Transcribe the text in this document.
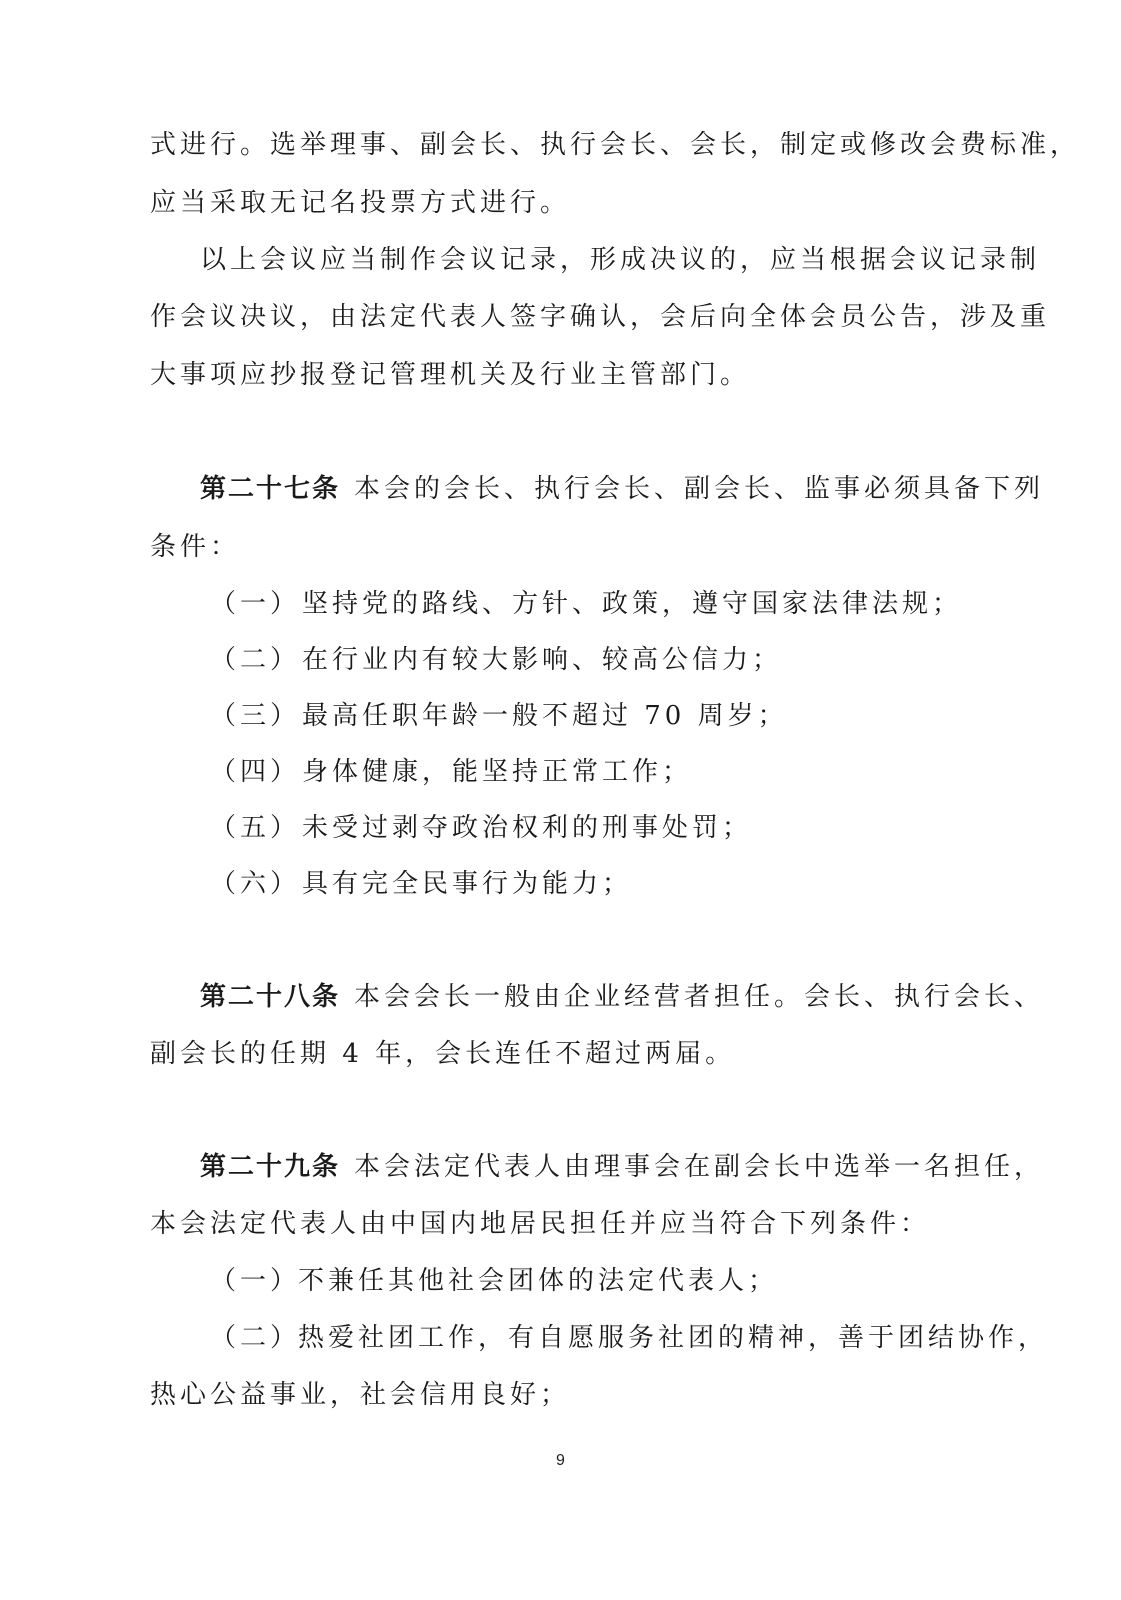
式进行。选举理事、副会长、执行会长、会长，制定或修改会费标准，
应当采取无记名投票方式进行。
以上会议应当制作会议记录，形成决议的，应当根据会议记录制
作会议决议，由法定代表人签字确认，会后向全体会员公告，涉及重
大事项应抄报登记管理机关及行业主管部门。
第二十七条 本会的会长、执行会长、副会长、监事必须具备下列
条件：
（一）坚持党的路线、方针、政策，遵守国家法律法规；
（二）在行业内有较大影响、较高公信力；
（三）最高任职年龄一般不超过 70 周岁；
（四）身体健康，能坚持正常工作；
（五）未受过剥夺政治权利的刑事处罚；
（六）具有完全民事行为能力；
第二十八条 本会会长一般由企业经营者担任。会长、执行会长、
副会长的任期 4 年，会长连任不超过两届。
第二十九条 本会法定代表人由理事会在副会长中选举一名担任，
本会法定代表人由中国内地居民担任并应当符合下列条件：
（一）不兼任其他社会团体的法定代表人；
（二）热爱社团工作，有自愿服务社团的精神，善于团结协作，
热心公益事业，社会信用良好；
9
